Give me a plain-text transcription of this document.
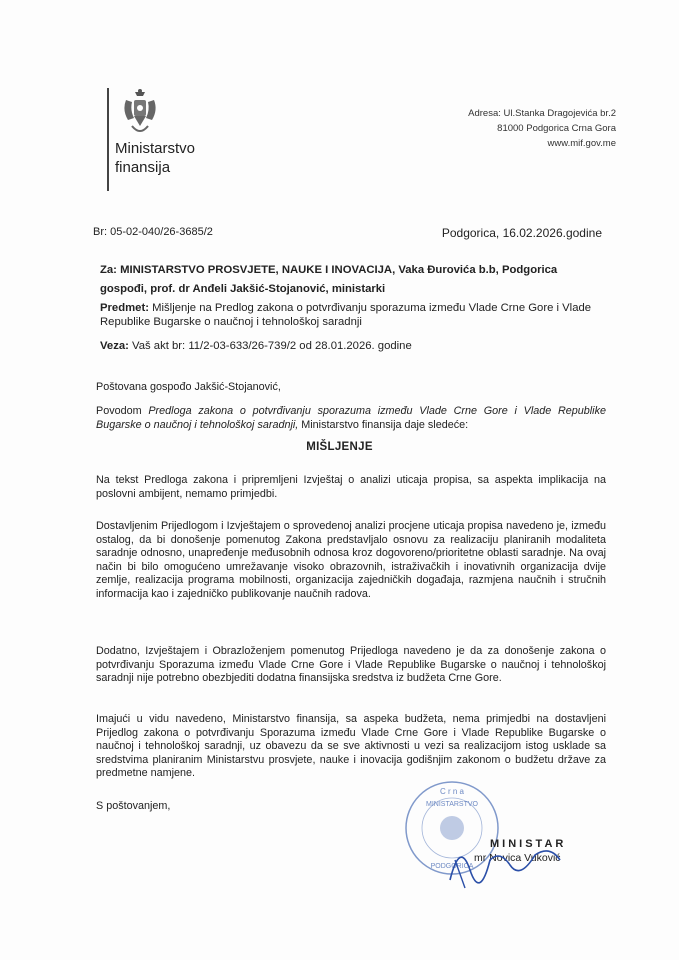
Ministarstvo
finansija
Adresa: Ul.Stanka Dragojevića br.2
81000 Podgorica Crna Gora
www.mif.gov.me
Br: 05-02-040/26-3685/2	Podgorica, 16.02.2026.godine
Za: MINISTARSTVO PROSVJETE, NAUKE I INOVACIJA, Vaka Đurovića b.b, Podgorica
gospođi, prof. dr Anđeli Jakšić-Stojanović, ministarki
Predmet: Mišljenje na Predlog zakona o potvrđivanju sporazuma između Vlade Crne Gore i Vlade Republike Bugarske o naučnoj i tehnološkoj saradnji
Veza: Vaš akt br: 11/2-03-633/26-739/2 od 28.01.2026. godine
Poštovana gospođo Jakšić-Stojanović,
Povodom Predloga zakona o potvrđivanju sporazuma između Vlade Crne Gore i Vlade Republike Bugarske o naučnoj i tehnološkoj saradnji, Ministarstvo finansija daje sledeće:
MIŠLJENJE
Na tekst Predloga zakona i pripremljeni Izvještaj o analizi uticaja propisa, sa aspekta implikacija na poslovni ambijent, nemamo primjedbi.
Dostavljenim Prijedlogom i Izvještajem o sprovedenoj analizi procjene uticaja propisa navedeno je, između ostalog, da bi donošenje pomenutog Zakona predstavljalo osnovu za realizaciju planiranih modaliteta saradnje odnosno, unapređenje međusobnih odnosa kroz dogovoreno/prioritetne oblasti saradnje. Na ovaj način bi bilo omogućeno umrežavanje visoko obrazovnih, istraživačkih i inovativnih organizacija dvije zemlje, realizacija programa mobilnosti, organizacija zajedničkih događaja, razmjena naučnih i stručnih informacija kao i zajedničko publikovanje naučnih radova.
Dodatno, Izvještajem i Obrazloženjem pomenutog Prijedloga navedeno je da za donošenje zakona o potvrđivanju Sporazuma između Vlade Crne Gore i Vlade Republike Bugarske o naučnoj i tehnološkoj saradnji nije potrebno obezbjediti dodatna finansijska sredstva iz budžeta Crne Gore.
Imajući u vidu navedeno, Ministarstvo finansija, sa aspeka budžeta, nema primjedbi na dostavljeni Prijedlog zakona o potvrđivanju Sporazuma između Vlade Crne Gore i Vlade Republike Bugarske o naučnoj i tehnološkoj saradnji, uz obavezu da se sve aktivnosti u vezi sa realizacijom istog usklade sa sredstvima planiranim Ministarstvu prosvjete, nauke i inovacija godišnjim zakonom o budžetu države za predmetne namjene.
S poštovanjem,
C r n a
MINISTARSTVO
PODGORICA
MINISTAR
mr Novica Vuković
